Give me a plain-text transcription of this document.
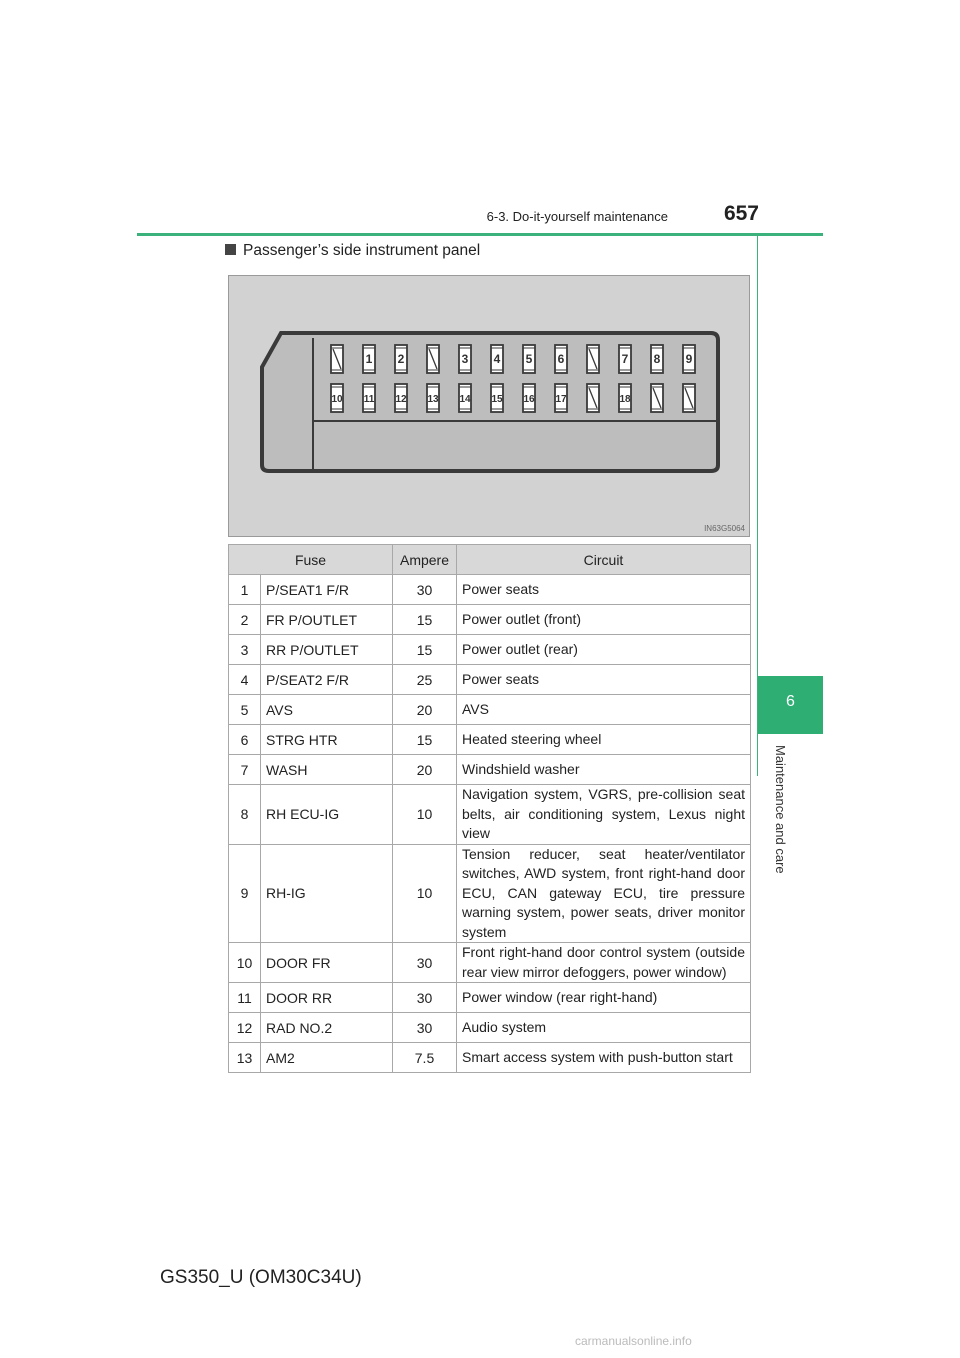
6-3. Do-it-yourself maintenance	657
6
Maintenance and care
Passenger’s side instrument panel
1 2	3 4 5 6	7 8 9
10 11 12 13 14 15 16 17	18
IN63G5064
Fuse		Ampere	Circuit
1	P/SEAT1 F/R	30	Power seats
2	FR P/OUTLET	15	Power outlet (front)
3	RR P/OUTLET	15	Power outlet (rear)
4	P/SEAT2 F/R	25	Power seats
5	AVS	20	AVS
6	STRG HTR	15	Heated steering wheel
7	WASH	20	Windshield washer
8	RH ECU-IG	10	Navigation system, VGRS, pre-collision seat belts, air conditioning system, Lexus night view
9	RH-IG	10	Tension reducer, seat heater/ventilator switches, AWD system, front right-hand door ECU, CAN gateway ECU, tire pressure warning system, power seats, driver monitor system
10	DOOR FR	30	Front right-hand door control system (outside rear view mirror defoggers, power window)
11	DOOR RR	30	Power window (rear right-hand)
12	RAD NO.2	30	Audio system
13	AM2	7.5	Smart access system with push-button start
GS350_U (OM30C34U)
carmanualsonline.info
